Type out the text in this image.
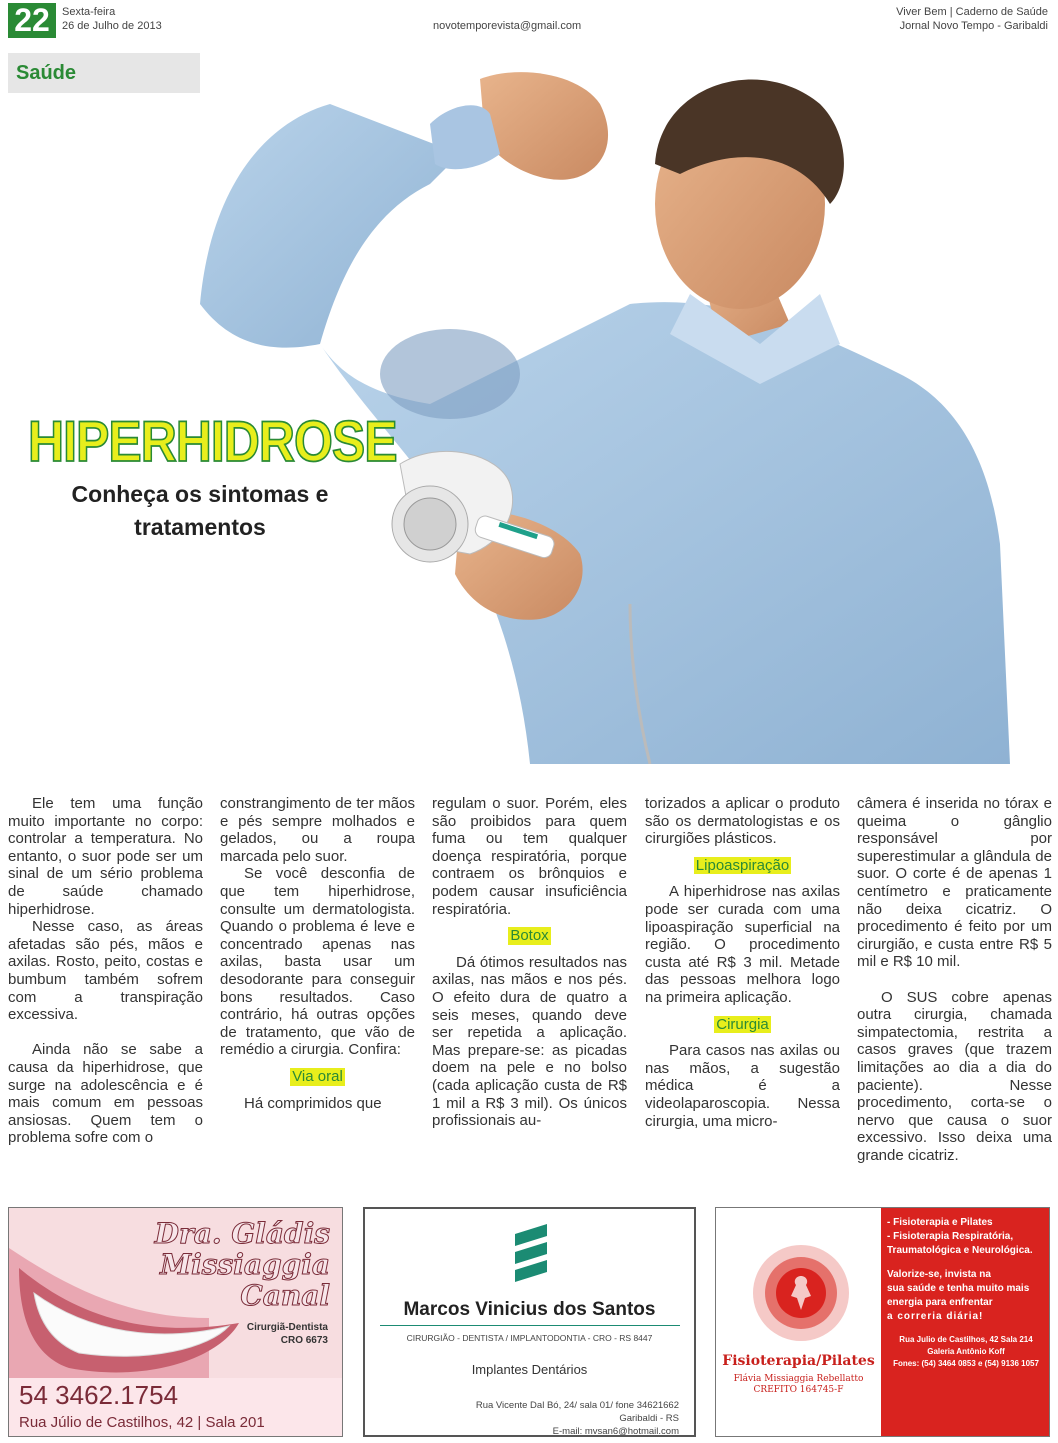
22	Sexta-feira
26 de Julho de 2013	novotemporevista@gmail.com
Viver Bem | Caderno de Saúde
Jornal Novo Tempo - Garibaldi
Saúde
HIPERHIDROSE
Conheça os sintomas e
tratamentos

Ele tem uma função muito importante no corpo: controlar a temperatura. No entanto, o suor pode ser um sinal de um sério problema de saúde chamado hiperhidrose.

Nesse caso, as áreas afetadas são pés, mãos e axilas. Rosto, peito, costas e bumbum também sofrem com a transpiração excessiva.

Ainda não se sabe a causa da hiperhidrose, que surge na adolescência e é mais comum em pessoas ansiosas. Quem tem o problema sofre com o

constrangimento de ter mãos e pés sempre molhados e gelados, ou a roupa marcada pelo suor.

Se você desconfia de que tem hiperhidrose, consulte um dermatologista. Quando o problema é leve e concentrado apenas nas axilas, basta usar um desodorante para conseguir bons resultados. Caso contrário, há outras opções de tratamento, que vão de remédio a cirurgia. Confira:

Via oral

Há comprimidos que

regulam o suor. Porém, eles são proibidos para quem fuma ou tem qualquer doença respiratória, porque contraem os brônquios e podem causar insuficiência respiratória.

Botox

Dá ótimos resultados nas axilas, nas mãos e nos pés. O efeito dura de quatro a seis meses, quando deve ser repetida a aplicação. Mas prepare-se: as picadas doem na pele e no bolso (cada aplicação custa de R$ 1 mil a R$ 3 mil). Os únicos profissionais au-

torizados a aplicar o produto são os dermatologistas e os cirurgiões plásticos.

Lipoaspiração

A hiperhidrose nas axilas pode ser curada com uma lipoaspiração superficial na região. O procedimento custa até R$ 3 mil. Metade das pessoas melhora logo na primeira aplicação.

Cirurgia

Para casos nas axilas ou nas mãos, a sugestão médica é a videolaparoscopia. Nessa cirurgia, uma micro-

câmera é inserida no tórax e queima o gânglio responsável por superestimular a glândula de suor. O corte é de apenas 1 centímetro e praticamente não deixa cicatriz. O procedimento é feito por um cirurgião, e custa entre R$ 5 mil e R$ 10 mil.

O SUS cobre apenas outra cirurgia, chamada simpatectomia, restrita a casos graves (que trazem limitações ao dia a dia do paciente). Nesse procedimento, corta-se o nervo que causa o suor excessivo. Isso deixa uma grande cicatriz.

Dra. Gládis
Missiaggia
Canal
Cirurgiã-Dentista
CRO 6673
54 3462.1754
Rua Júlio de Castilhos, 42 | Sala 201
Marcos Vinicius dos Santos
CIRURGIÃO - DENTISTA / IMPLANTODONTIA - CRO - RS 8447
Implantes Dentários
Rua Vicente Dal Bó, 24/ sala 01/ fone 34621662
Garibaldi - RS
E-mail: mvsan6@hotmail.com
Fisioterapia/Pilates
Flávia Missiaggia Rebellatto
CREFITO 164745-F
- Fisioterapia e Pilates
- Fisioterapia Respiratória,
Traumatológica e Neurológica.
Valorize-se, invista na
sua saúde e tenha muito mais
energia para enfrentar
a correria diária!
Rua Julio de Castilhos, 42 Sala 214
Galeria Antônio Koff
Fones: (54) 3464 0853 e (54) 9136 1057
